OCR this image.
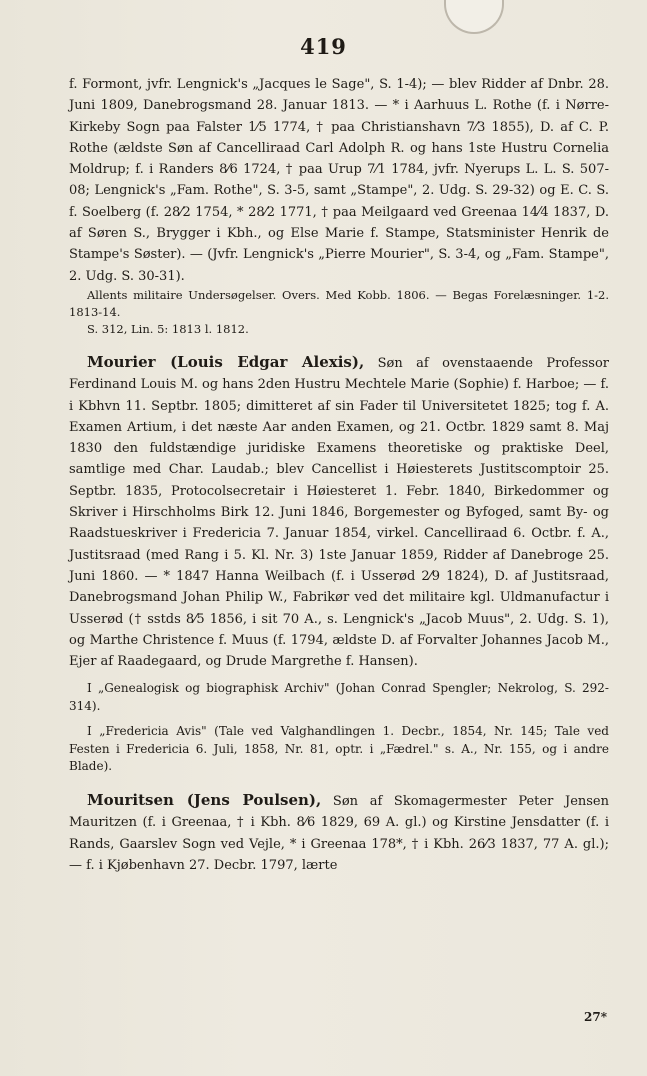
419

f. Formont, jvfr. Lengnick's „Jacques le Sage", S. 1-4); — blev Ridder af Dnbr. 28. Juni 1809, Danebrogsmand 28. Januar 1813. — * i Aarhuus L. Rothe (f. i Nørre-Kirkeby Sogn paa Falster 1⁄5 1774, † paa Christianshavn 7⁄3 1855), D. af C. P. Rothe (ældste Søn af Cancelliraad Carl Adolph R. og hans 1ste Hustru Cornelia Moldrup; f. i Randers 8⁄6 1724, † paa Urup 7⁄1 1784, jvfr. Nyerups L. L. S. 507-08; Lengnick's „Fam. Rothe", S. 3-5, samt „Stampe", 2. Udg. S. 29-32) og E. C. S. f. Soelberg (f. 28⁄2 1754, * 28⁄2 1771, † paa Meilgaard ved Greenaa 14⁄4 1837, D. af Søren S., Brygger i Kbh., og Else Marie f. Stampe, Statsminister Henrik de Stampe's Søster). — (Jvfr. Lengnick's „Pierre Mourier", S. 3-4, og „Fam. Stampe", 2. Udg. S. 30-31).

Allents militaire Undersøgelser. Overs. Med Kobb. 1806. — Begas Forelæsninger. 1-2. 1813-14.

S. 312, Lin. 5: 1813 l. 1812.

Mourier (Louis Edgar Alexis), Søn af ovenstaaende Professor Ferdinand Louis M. og hans 2den Hustru Mechtele Marie (Sophie) f. Harboe; — f. i Kbhvn 11. Septbr. 1805; dimitteret af sin Fader til Universitetet 1825; tog f. A. Examen Artium, i det næste Aar anden Examen, og 21. Octbr. 1829 samt 8. Maj 1830 den fuldstændige juridiske Examens theoretiske og praktiske Deel, samtlige med Char. Laudab.; blev Cancellist i Høiesterets Justitscomptoir 25. Septbr. 1835, Protocolsecretair i Høiesteret 1. Febr. 1840, Birkedommer og Skriver i Hirschholms Birk 12. Juni 1846, Borgemester og Byfoged, samt By- og Raadstueskriver i Fredericia 7. Januar 1854, virkel. Cancelliraad 6. Octbr. f. A., Justitsraad (med Rang i 5. Kl. Nr. 3) 1ste Januar 1859, Ridder af Danebroge 25. Juni 1860. — * 1847 Hanna Weilbach (f. i Usserød 2⁄9 1824), D. af Justitsraad, Danebrogsmand Johan Philip W., Fabrikør ved det militaire kgl. Uldmanufactur i Usserød († sstds 8⁄5 1856, i sit 70 A., s. Lengnick's „Jacob Muus", 2. Udg. S. 1), og Marthe Christence f. Muus (f. 1794, ældste D. af Forvalter Johannes Jacob M., Ejer af Raadegaard, og Drude Margrethe f. Hansen).

I „Genealogisk og biographisk Archiv" (Johan Conrad Spengler; Nekrolog, S. 292-314).

I „Fredericia Avis" (Tale ved Valghandlingen 1. Decbr., 1854, Nr. 145; Tale ved Festen i Fredericia 6. Juli, 1858, Nr. 81, optr. i „Fædrel." s. A., Nr. 155, og i andre Blade).

Mouritsen (Jens Poulsen), Søn af Skomagermester Peter Jensen Mauritzen (f. i Greenaa, † i Kbh. 8⁄6 1829, 69 A. gl.) og Kirstine Jensdatter (f. i Rands, Gaarslev Sogn ved Vejle, * i Greenaa 178*, † i Kbh. 26⁄3 1837, 77 A. gl.); — f. i Kjøbenhavn 27. Decbr. 1797, lærte

27*
